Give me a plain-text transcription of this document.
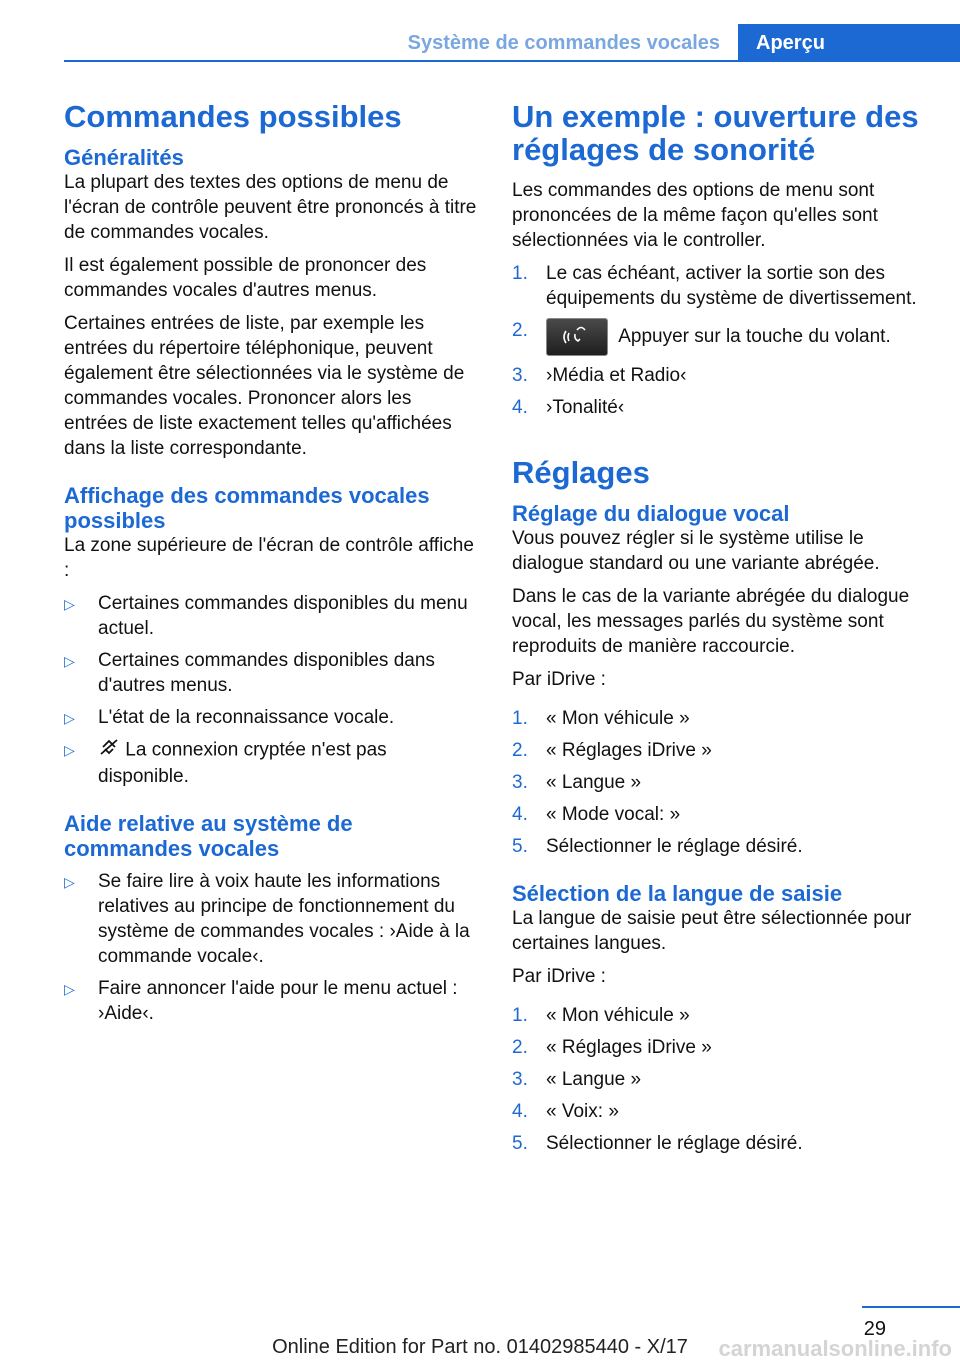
Système de commandes vocales	Aperçu
Commandes possibles
Généralités

La plupart des textes des options de menu de l'écran de contrôle peuvent être prononcés à titre de commandes vocales.

Il est également possible de prononcer des commandes vocales d'autres menus.

Certaines entrées de liste, par exemple les entrées du répertoire téléphonique, peuvent également être sélectionnées via le système de commandes vocales. Prononcer alors les entrées de liste exactement telles qu'affichées dans la liste correspondante.

Affichage des commandes vocales possibles

La zone supérieure de l'écran de contrôle affiche :

▷ Certaines commandes disponibles du menu actuel.
▷ Certaines commandes disponibles dans d'autres menus.
▷ L'état de la reconnaissance vocale.
▷	La connexion cryptée n'est pas disponible.
Aide relative au système de commandes vocales
▷ Se faire lire à voix haute les informations relatives au principe de fonctionnement du système de commandes vocales : ›Aide à la commande vocale‹.
▷ Faire annoncer l'aide pour le menu actuel : ›Aide‹.
Un exemple : ouverture des réglages de sonorité

Les commandes des options de menu sont prononcées de la même façon qu'elles sont sélectionnées via le controller.

1. Le cas échéant, activer la sortie son des équipements du système de divertissement.
2.	Appuyer sur la touche du volant.
3. ›Média et Radio‹
4. ›Tonalité‹
Réglages
Réglage du dialogue vocal

Vous pouvez régler si le système utilise le dialogue standard ou une variante abrégée.

Dans le cas de la variante abrégée du dialogue vocal, les messages parlés du système sont reproduits de manière raccourcie.

Par iDrive :

1. « Mon véhicule »
2. « Réglages iDrive »
3. « Langue »
4. « Mode vocal: »
5. Sélectionner le réglage désiré.
Sélection de la langue de saisie

La langue de saisie peut être sélectionnée pour certaines langues.

Par iDrive :

1. « Mon véhicule »
2. « Réglages iDrive »
3. « Langue »
4. « Voix: »
5. Sélectionner le réglage désiré.
29
Online Edition for Part no. 01402985440 - X/17	carmanualsonline.info
